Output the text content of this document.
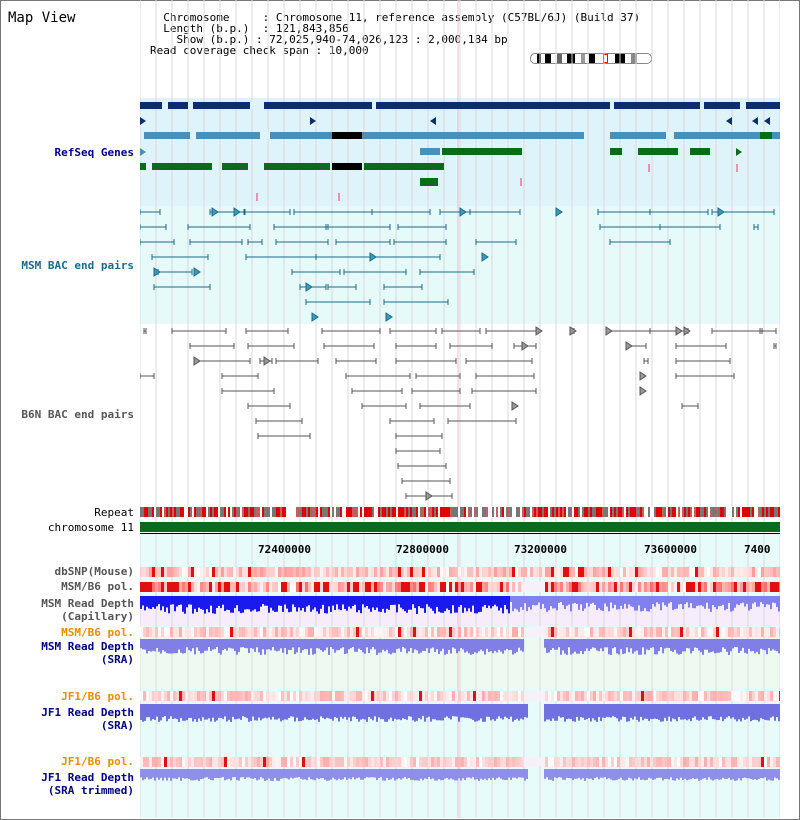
Map View	Chromosome     : Chromosome 11, reference assembly (C57BL/6J) (Build 37)
Length (b.p.)  : 121,843,856
Show (b.p.) : 72,025,940-74,026,123 : 2,000,184 bp
Read coverage check span : 10,000
RefSeq Genes
MSM BAC end pairs
B6N BAC end pairs
Repeat
chromosome 11
dbSNP(Mouse)
MSM/B6 pol.
MSM Read Depth
(Capillary)
MSM/B6 pol.
MSM Read Depth
(SRA)
JF1/B6 pol.
JF1 Read Depth
(SRA)
JF1/B6 pol.
JF1 Read Depth
(SRA trimmed)
72400000	72800000	73200000	73600000	7400
